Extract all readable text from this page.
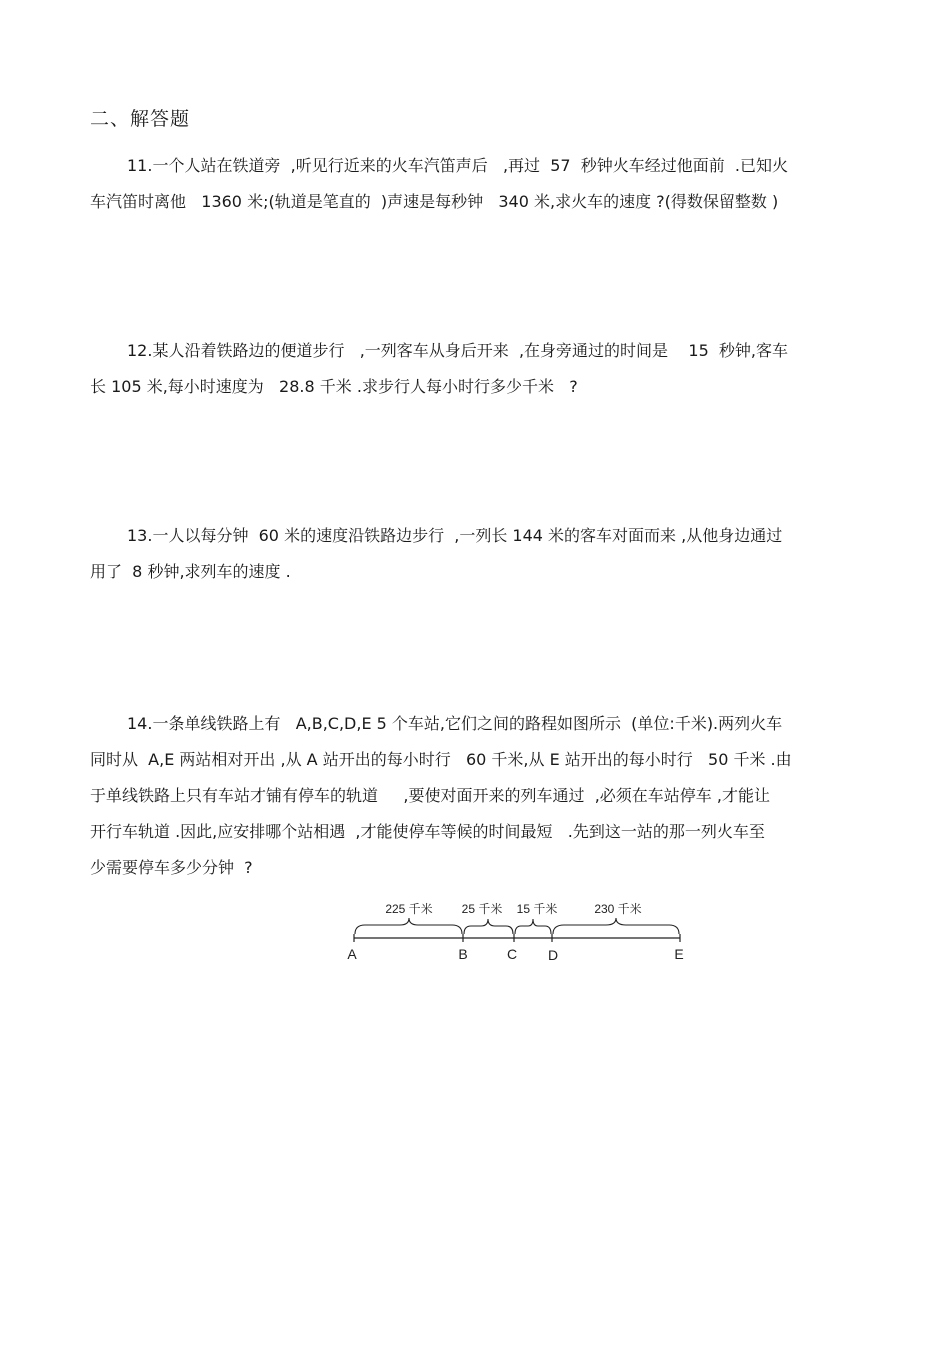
二、解答题
11.一个人站在铁道旁  ,听见行近来的火车汽笛声后   ,再过  57  秒钟火车经过他面前  .已知火
车汽笛时离他   1360 米;(轨道是笔直的  )声速是每秒钟   340 米,求火车的速度 ?(得数保留整数 )
12.某人沿着铁路边的便道步行   ,一列客车从身后开来  ,在身旁通过的时间是    15  秒钟,客车
长 105 米,每小时速度为   28.8 千米 .求步行人每小时行多少千米   ?
13.一人以每分钟  60 米的速度沿铁路边步行  ,一列长 144 米的客车对面而来 ,从他身边通过
用了  8 秒钟,求列车的速度 .
14.一条单线铁路上有   A,B,C,D,E 5 个车站,它们之间的路程如图所示  (单位:千米).两列火车
同时从  A,E 两站相对开出 ,从 A 站开出的每小时行   60 千米,从 E 站开出的每小时行   50 千米 .由
于单线铁路上只有车站才铺有停车的轨道     ,要使对面开来的列车通过  ,必须在车站停车 ,才能让
开行车轨道 .因此,应安排哪个站相遇  ,才能使停车等候的时间最短   .先到这一站的那一列火车至
少需要停车多少分钟  ?
225 千米 25 千米 15 千米	230 千米
A	B	C D	E
